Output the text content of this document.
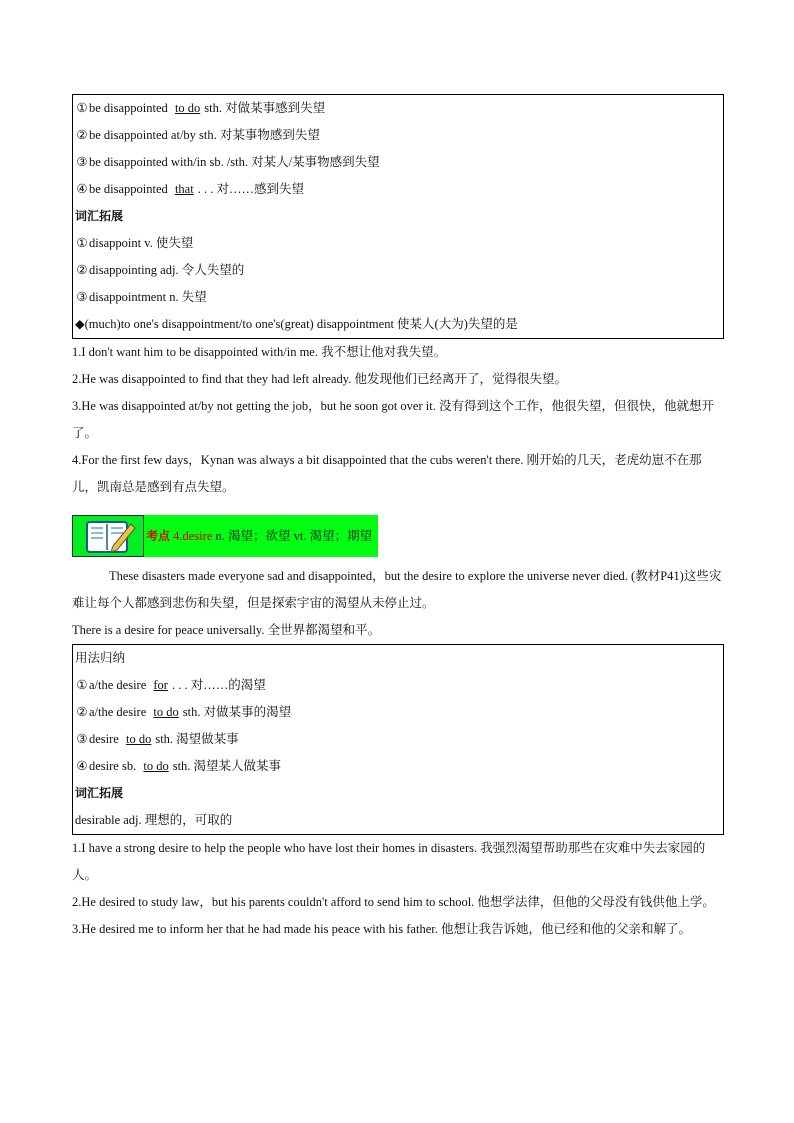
①be disappointed to do sth. 对做某事感到失望
②be disappointed at/by sth. 对某事物感到失望
③be disappointed with/in sb. /sth. 对某人/某事物感到失望
④be disappointed that . . . 对……感到失望
词汇拓展
①disappoint v. 使失望
②disappointing adj. 令人失望的
③disappointment n. 失望
◆(much)to one's disappointment/to one's(great) disappointment 使某人(大为)失望的是
1.I don't want him to be disappointed with/in me. 我不想让他对我失望。
2.He was disappointed to find that they had left already. 他发现他们已经离开了，觉得很失望。
3.He was disappointed at/by not getting the job，but he soon got over it. 没有得到这个工作，他很失望，但很快，他就想开了。
4.For the first few days，Kynan was always a bit disappointed that the cubs weren't there. 刚开始的几天，老虎幼崽不在那儿，凯南总是感到有点失望。
考点 4.desire n. 渴望；欲望 vt. 渴望；期望
These disasters made everyone sad and disappointed，but the desire to explore the universe never died. (教材P41)这些灾难让每个人都感到悲伤和失望，但是探索宇宙的渴望从未停止过。
There is a desire for peace universally. 全世界都渴望和平。
用法归纳
①a/the desire for . . . 对……的渴望
②a/the desire to do sth. 对做某事的渴望
③desire to do sth. 渴望做某事
④desire sb. to do sth. 渴望某人做某事
词汇拓展
desirable adj. 理想的，可取的
1.I have a strong desire to help the people who have lost their homes in disasters. 我强烈渴望帮助那些在灾难中失去家园的人。
2.He desired to study law，but his parents couldn't afford to send him to school. 他想学法律，但他的父母没有钱供他上学。
3.He desired me to inform her that he had made his peace with his father. 他想让我告诉她，他已经和他的父亲和解了。
